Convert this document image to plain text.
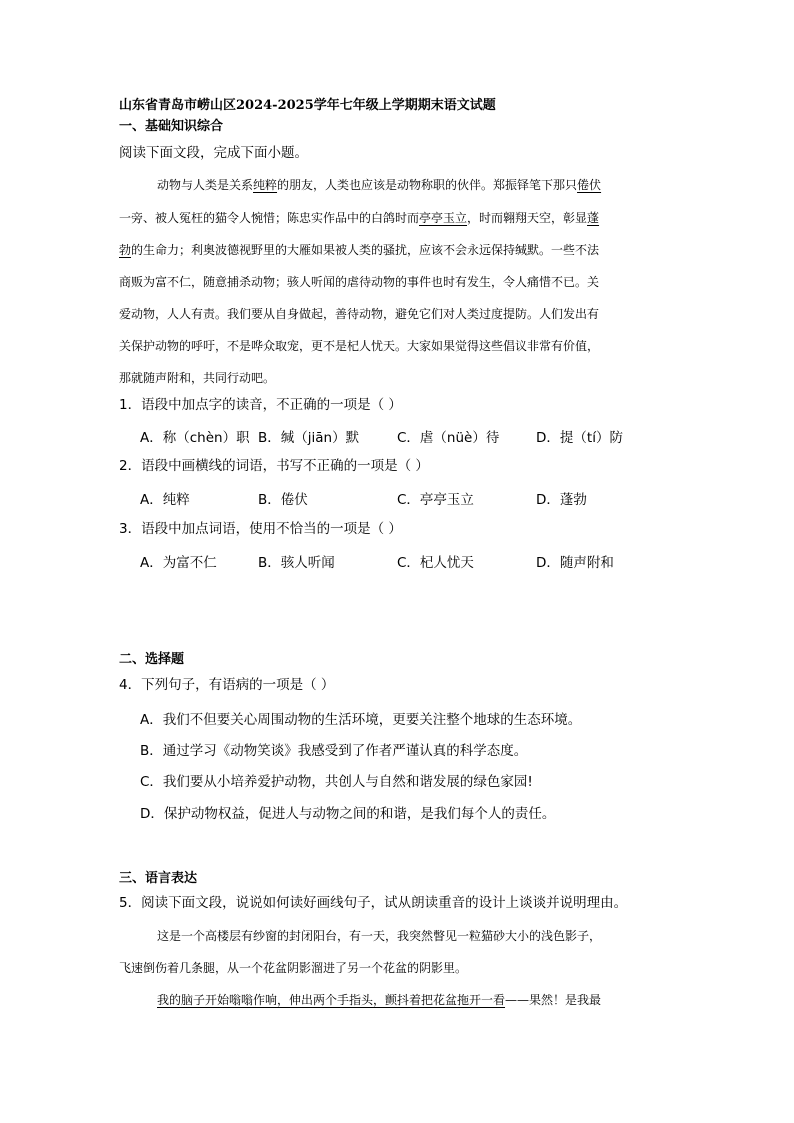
山东省青岛市崂山区2024-2025学年七年级上学期期末语文试题
一、基础知识综合
阅读下面文段，完成下面小题。
动物与人类是关系纯粹的朋友，人类也应该是动物称职的伙伴。郑振铎笔下那只倦伏
一旁、被人冤枉的猫令人惋惜；陈忠实作品中的白鸽时而亭亭玉立，时而翱翔天空，彰显蓬
勃的生命力；利奥波德视野里的大雁如果被人类的骚扰，应该不会永远保持缄默。一些不法
商贩为富不仁，随意捕杀动物；骇人听闻的虐待动物的事件也时有发生，令人痛惜不已。关
爱动物，人人有责。我们要从自身做起，善待动物，避免它们对人类过度提防。人们发出有
关保护动物的呼吁，不是哗众取宠，更不是杞人忧天。大家如果觉得这些倡议非常有价值，
那就随声附和，共同行动吧。
1．语段中加点字的读音，不正确的一项是（ ）
A．称（chèn）职 B．缄（jiān）默	C．虐（nüè）待	D．提（tí）防
2．语段中画横线的词语，书写不正确的一项是（ ）
A．纯粹	B．倦伏	C．亭亭玉立	D．蓬勃
3．语段中加点词语，使用不恰当的一项是（ ）
A．为富不仁	B．骇人听闻	C．杞人忧天	D．随声附和
二、选择题
4．下列句子，有语病的一项是（ ）
A．我们不但要关心周围动物的生活环境，更要关注整个地球的生态环境。
B．通过学习《动物笑谈》我感受到了作者严谨认真的科学态度。
C．我们要从小培养爱护动物，共创人与自然和谐发展的绿色家园!
D．保护动物权益，促进人与动物之间的和谐，是我们每个人的责任。
三、语言表达
5．阅读下面文段，说说如何读好画线句子，试从朗读重音的设计上谈谈并说明理由。
这是一个高楼层有纱窗的封闭阳台，有一天，我突然瞥见一粒猫砂大小的浅色影子，
飞速倒伤着几条腿，从一个花盆阴影溜进了另一个花盆的阴影里。
我的脑子开始嗡嗡作响，伸出两个手指头，颤抖着把花盆拖开一看——果然！是我最
